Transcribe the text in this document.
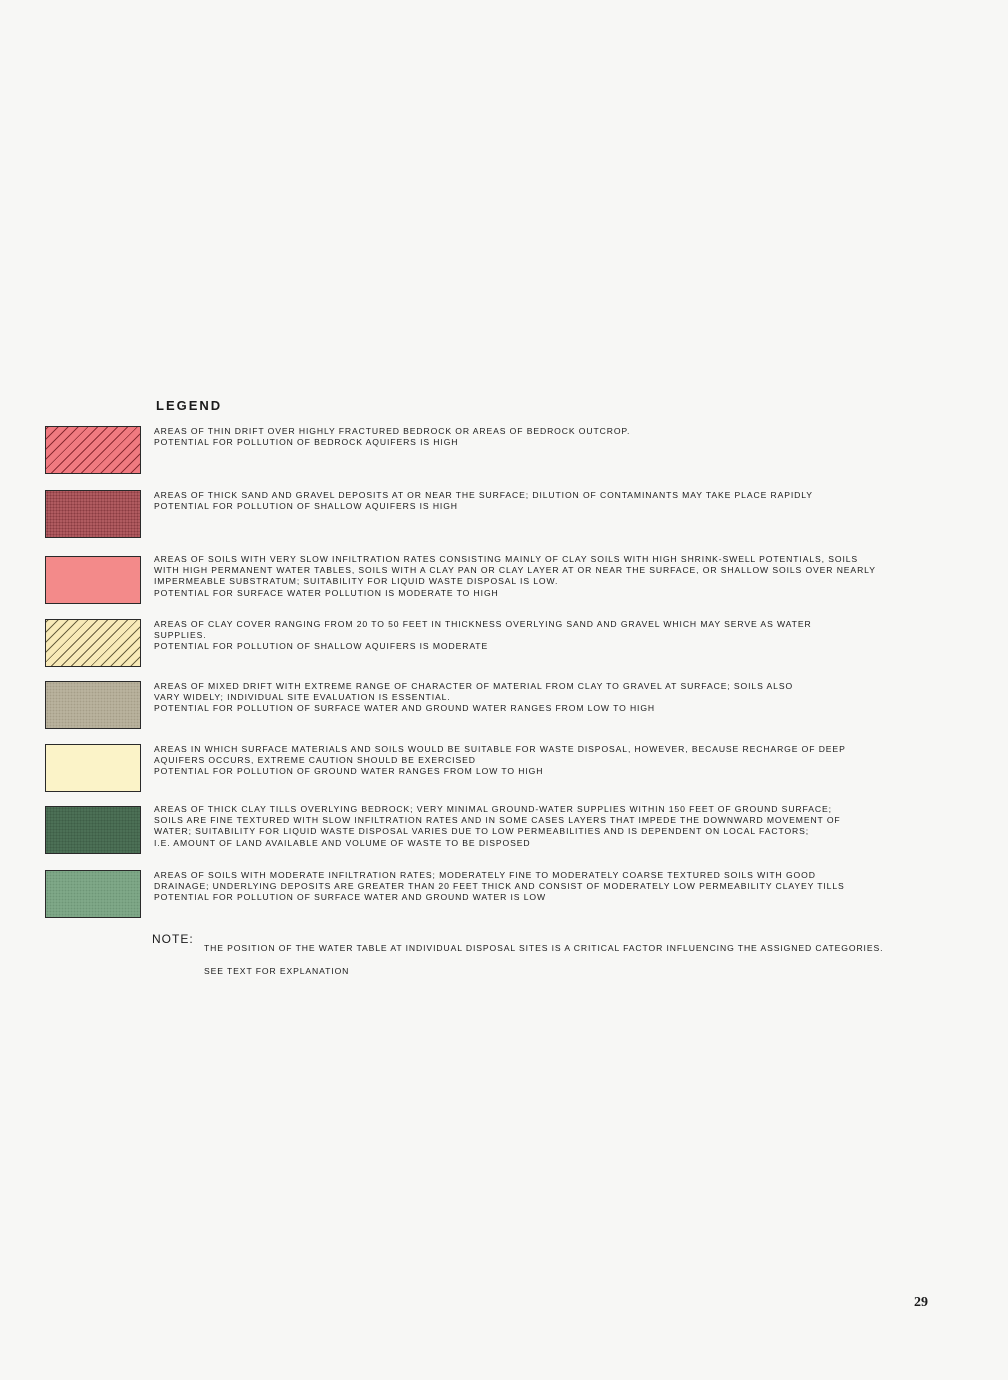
LEGEND

AREAS OF THIN DRIFT OVER HIGHLY FRACTURED BEDROCK OR AREAS OF BEDROCK OUTCROP.

POTENTIAL FOR POLLUTION OF BEDROCK AQUIFERS IS HIGH

AREAS OF THICK SAND AND GRAVEL DEPOSITS AT OR NEAR THE SURFACE; DILUTION OF CONTAMINANTS MAY TAKE PLACE RAPIDLY

POTENTIAL FOR POLLUTION OF SHALLOW AQUIFERS IS HIGH

AREAS OF SOILS WITH VERY SLOW INFILTRATION RATES CONSISTING MAINLY OF CLAY SOILS WITH HIGH SHRINK-SWELL POTENTIALS, SOILS

WITH HIGH PERMANENT WATER TABLES, SOILS WITH A CLAY PAN OR CLAY LAYER AT OR NEAR THE SURFACE, OR SHALLOW SOILS OVER NEARLY

IMPERMEABLE SUBSTRATUM; SUITABILITY FOR LIQUID WASTE DISPOSAL IS LOW.

POTENTIAL FOR SURFACE WATER POLLUTION IS MODERATE TO HIGH

AREAS OF CLAY COVER RANGING FROM 20 TO 50 FEET IN THICKNESS OVERLYING SAND AND GRAVEL WHICH MAY SERVE AS WATER

SUPPLIES.

POTENTIAL FOR POLLUTION OF SHALLOW AQUIFERS IS MODERATE

AREAS OF MIXED DRIFT WITH EXTREME RANGE OF CHARACTER OF MATERIAL FROM CLAY TO GRAVEL AT SURFACE; SOILS ALSO

VARY WIDELY; INDIVIDUAL SITE EVALUATION IS ESSENTIAL.

POTENTIAL FOR POLLUTION OF SURFACE WATER AND GROUND WATER RANGES FROM LOW TO HIGH

AREAS IN WHICH SURFACE MATERIALS AND SOILS WOULD BE SUITABLE FOR WASTE DISPOSAL, HOWEVER, BECAUSE RECHARGE OF DEEP

AQUIFERS OCCURS, EXTREME CAUTION SHOULD BE EXERCISED

POTENTIAL FOR POLLUTION OF GROUND WATER RANGES FROM LOW TO HIGH

AREAS OF THICK CLAY TILLS OVERLYING BEDROCK; VERY MINIMAL GROUND-WATER SUPPLIES WITHIN 150 FEET OF GROUND SURFACE;

SOILS ARE FINE TEXTURED WITH SLOW INFILTRATION RATES AND IN SOME CASES LAYERS THAT IMPEDE THE DOWNWARD MOVEMENT OF

WATER; SUITABILITY FOR LIQUID WASTE DISPOSAL VARIES DUE TO LOW PERMEABILITIES AND IS DEPENDENT ON LOCAL FACTORS;

I.E. AMOUNT OF LAND AVAILABLE AND VOLUME OF WASTE TO BE DISPOSED

AREAS OF SOILS WITH MODERATE INFILTRATION RATES; MODERATELY FINE TO MODERATELY COARSE TEXTURED SOILS WITH GOOD

DRAINAGE; UNDERLYING DEPOSITS ARE GREATER THAN 20 FEET THICK AND CONSIST OF MODERATELY LOW PERMEABILITY CLAYEY TILLS

POTENTIAL FOR POLLUTION OF SURFACE WATER AND GROUND WATER IS LOW

NOTE:

THE POSITION OF THE WATER TABLE AT INDIVIDUAL DISPOSAL SITES IS A CRITICAL FACTOR INFLUENCING THE ASSIGNED CATEGORIES.

SEE TEXT FOR EXPLANATION

29
